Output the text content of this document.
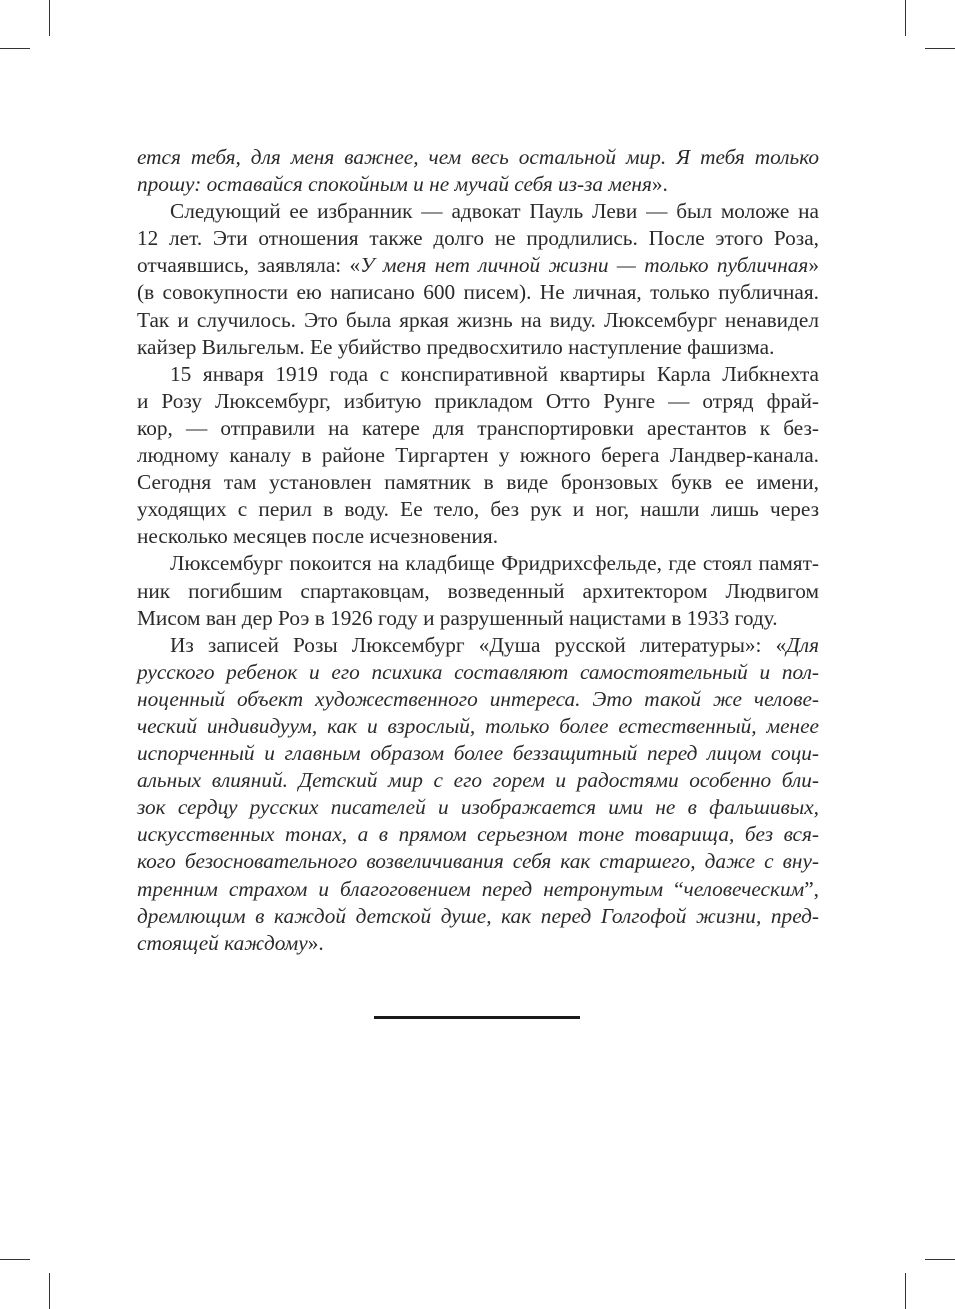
ется тебя, для меня важнее, чем весь остальной мир. Я тебя только
прошу: оставайся спокойным и не мучай себя из-за меня».
Следующий ее избранник — адвокат Пауль Леви — был моложе на
12 лет. Эти отношения также долго не продлились. После этого Роза,
отчаявшись, заявляла: «У меня нет личной жизни — только публичная»
(в совокупности ею написано 600 писем). Не личная, только публичная.
Так и случилось. Это была яркая жизнь на виду. Люксембург ненавидел
кайзер Вильгельм. Ее убийство предвосхитило наступление фашизма.
15 января 1919 года с конспиративной квартиры Карла Либкнехта
и Розу Люксембург, избитую прикладом Отто Рунге — отряд фрай-
кор, — отправили на катере для транспортировки арестантов к без-
людному каналу в районе Тиргартен у южного берега Ландвер-канала.
Сегодня там установлен памятник в виде бронзовых букв ее имени,
уходящих с перил в воду. Ее тело, без рук и ног, нашли лишь через
несколько месяцев после исчезновения.
Люксембург покоится на кладбище Фридрихсфельде, где стоял памят-
ник погибшим спартаковцам, возведенный архитектором Людвигом
Мисом ван дер Роэ в 1926 году и разрушенный нацистами в 1933 году.
Из записей Розы Люксембург «Душа русской литературы»: «Для
русского ребенок и его психика составляют самостоятельный и пол-
ноценный объект художественного интереса. Это такой же челове-
ческий индивидуум, как и взрослый, только более естественный, менее
испорченный и главным образом более беззащитный перед лицом соци-
альных влияний. Детский мир с его горем и радостями особенно бли-
зок сердцу русских писателей и изображается ими не в фальшивых,
искусственных тонах, а в прямом серьезном тоне товарища, без вся-
кого безосновательного возвеличивания себя как старшего, даже с вну-
тренним страхом и благоговением перед нетронутым “человеческим”,
дремлющим в каждой детской душе, как перед Голгофой жизни, пред-
стоящей каждому».
